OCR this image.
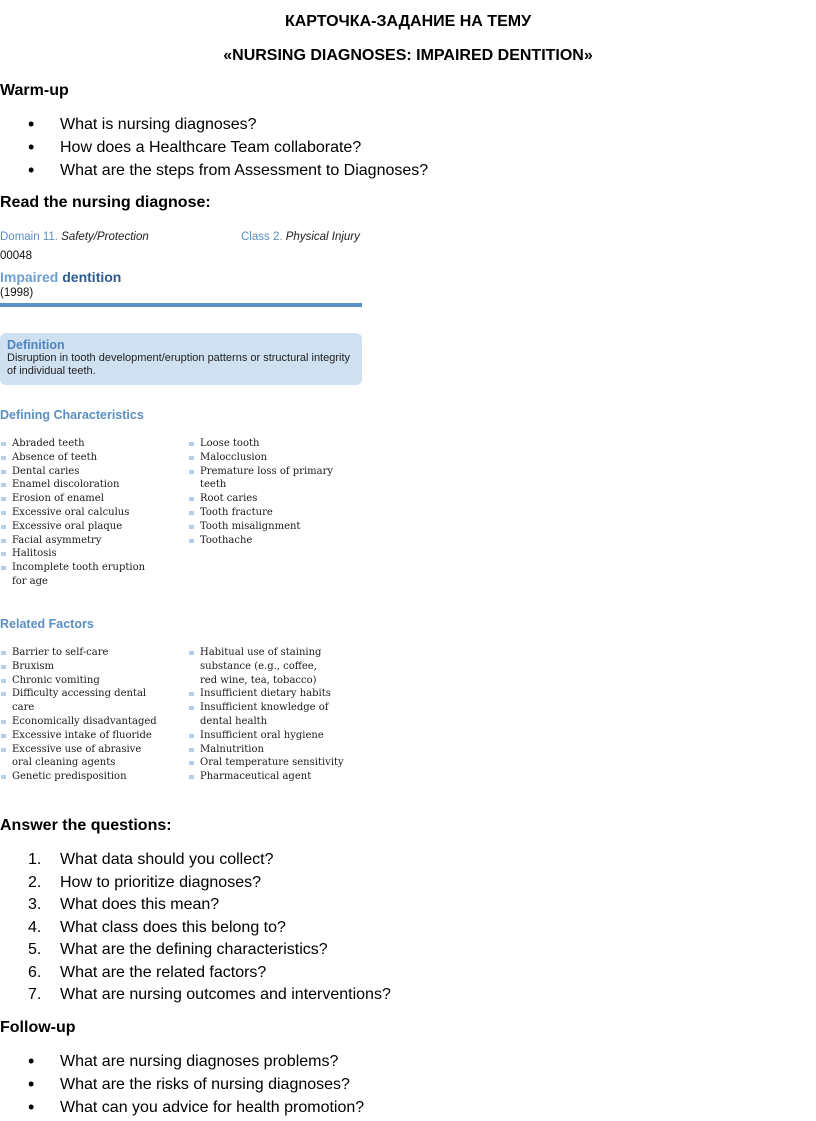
КАРТОЧКА-ЗАДАНИЕ НА ТЕМУ
«NURSING DIAGNOSES: IMPAIRED DENTITION»
Warm-up
• What is nursing diagnoses?
• How does a Healthcare Team collaborate?
• What are the steps from Assessment to Diagnoses?
Read the nursing diagnose:
Domain 11. Safety/Protection	Class 2. Physical Injury
00048
Impaired dentition
(1998)
Definition
Disruption in tooth development/eruption patterns or structural integrity of individual teeth.
Defining Characteristics
Abraded teeth
Absence of teeth
Dental caries
Enamel discoloration
Erosion of enamel
Excessive oral calculus
Excessive oral plaque
Facial asymmetry
Halitosis
Incomplete tooth eruption for age
Loose tooth
Malocclusion
Premature loss of primary teeth
Root caries
Tooth fracture
Tooth misalignment
Toothache
Related Factors
Barrier to self-care
Bruxism
Chronic vomiting
Difficulty accessing dental care
Economically disadvantaged
Excessive intake of fluoride
Excessive use of abrasive oral cleaning agents
Genetic predisposition
Habitual use of staining substance (e.g., coffee, red wine, tea, tobacco)
Insufficient dietary habits
Insufficient knowledge of dental health
Insufficient oral hygiene
Malnutrition
Oral temperature sensitivity
Pharmaceutical agent
Answer the questions:
1. What data should you collect?
2. How to prioritize diagnoses?
3. What does this mean?
4. What class does this belong to?
5. What are the defining characteristics?
6. What are the related factors?
7. What are nursing outcomes and interventions?
Follow-up
• What are nursing diagnoses problems?
• What are the risks of nursing diagnoses?
• What can you advice for health promotion?
